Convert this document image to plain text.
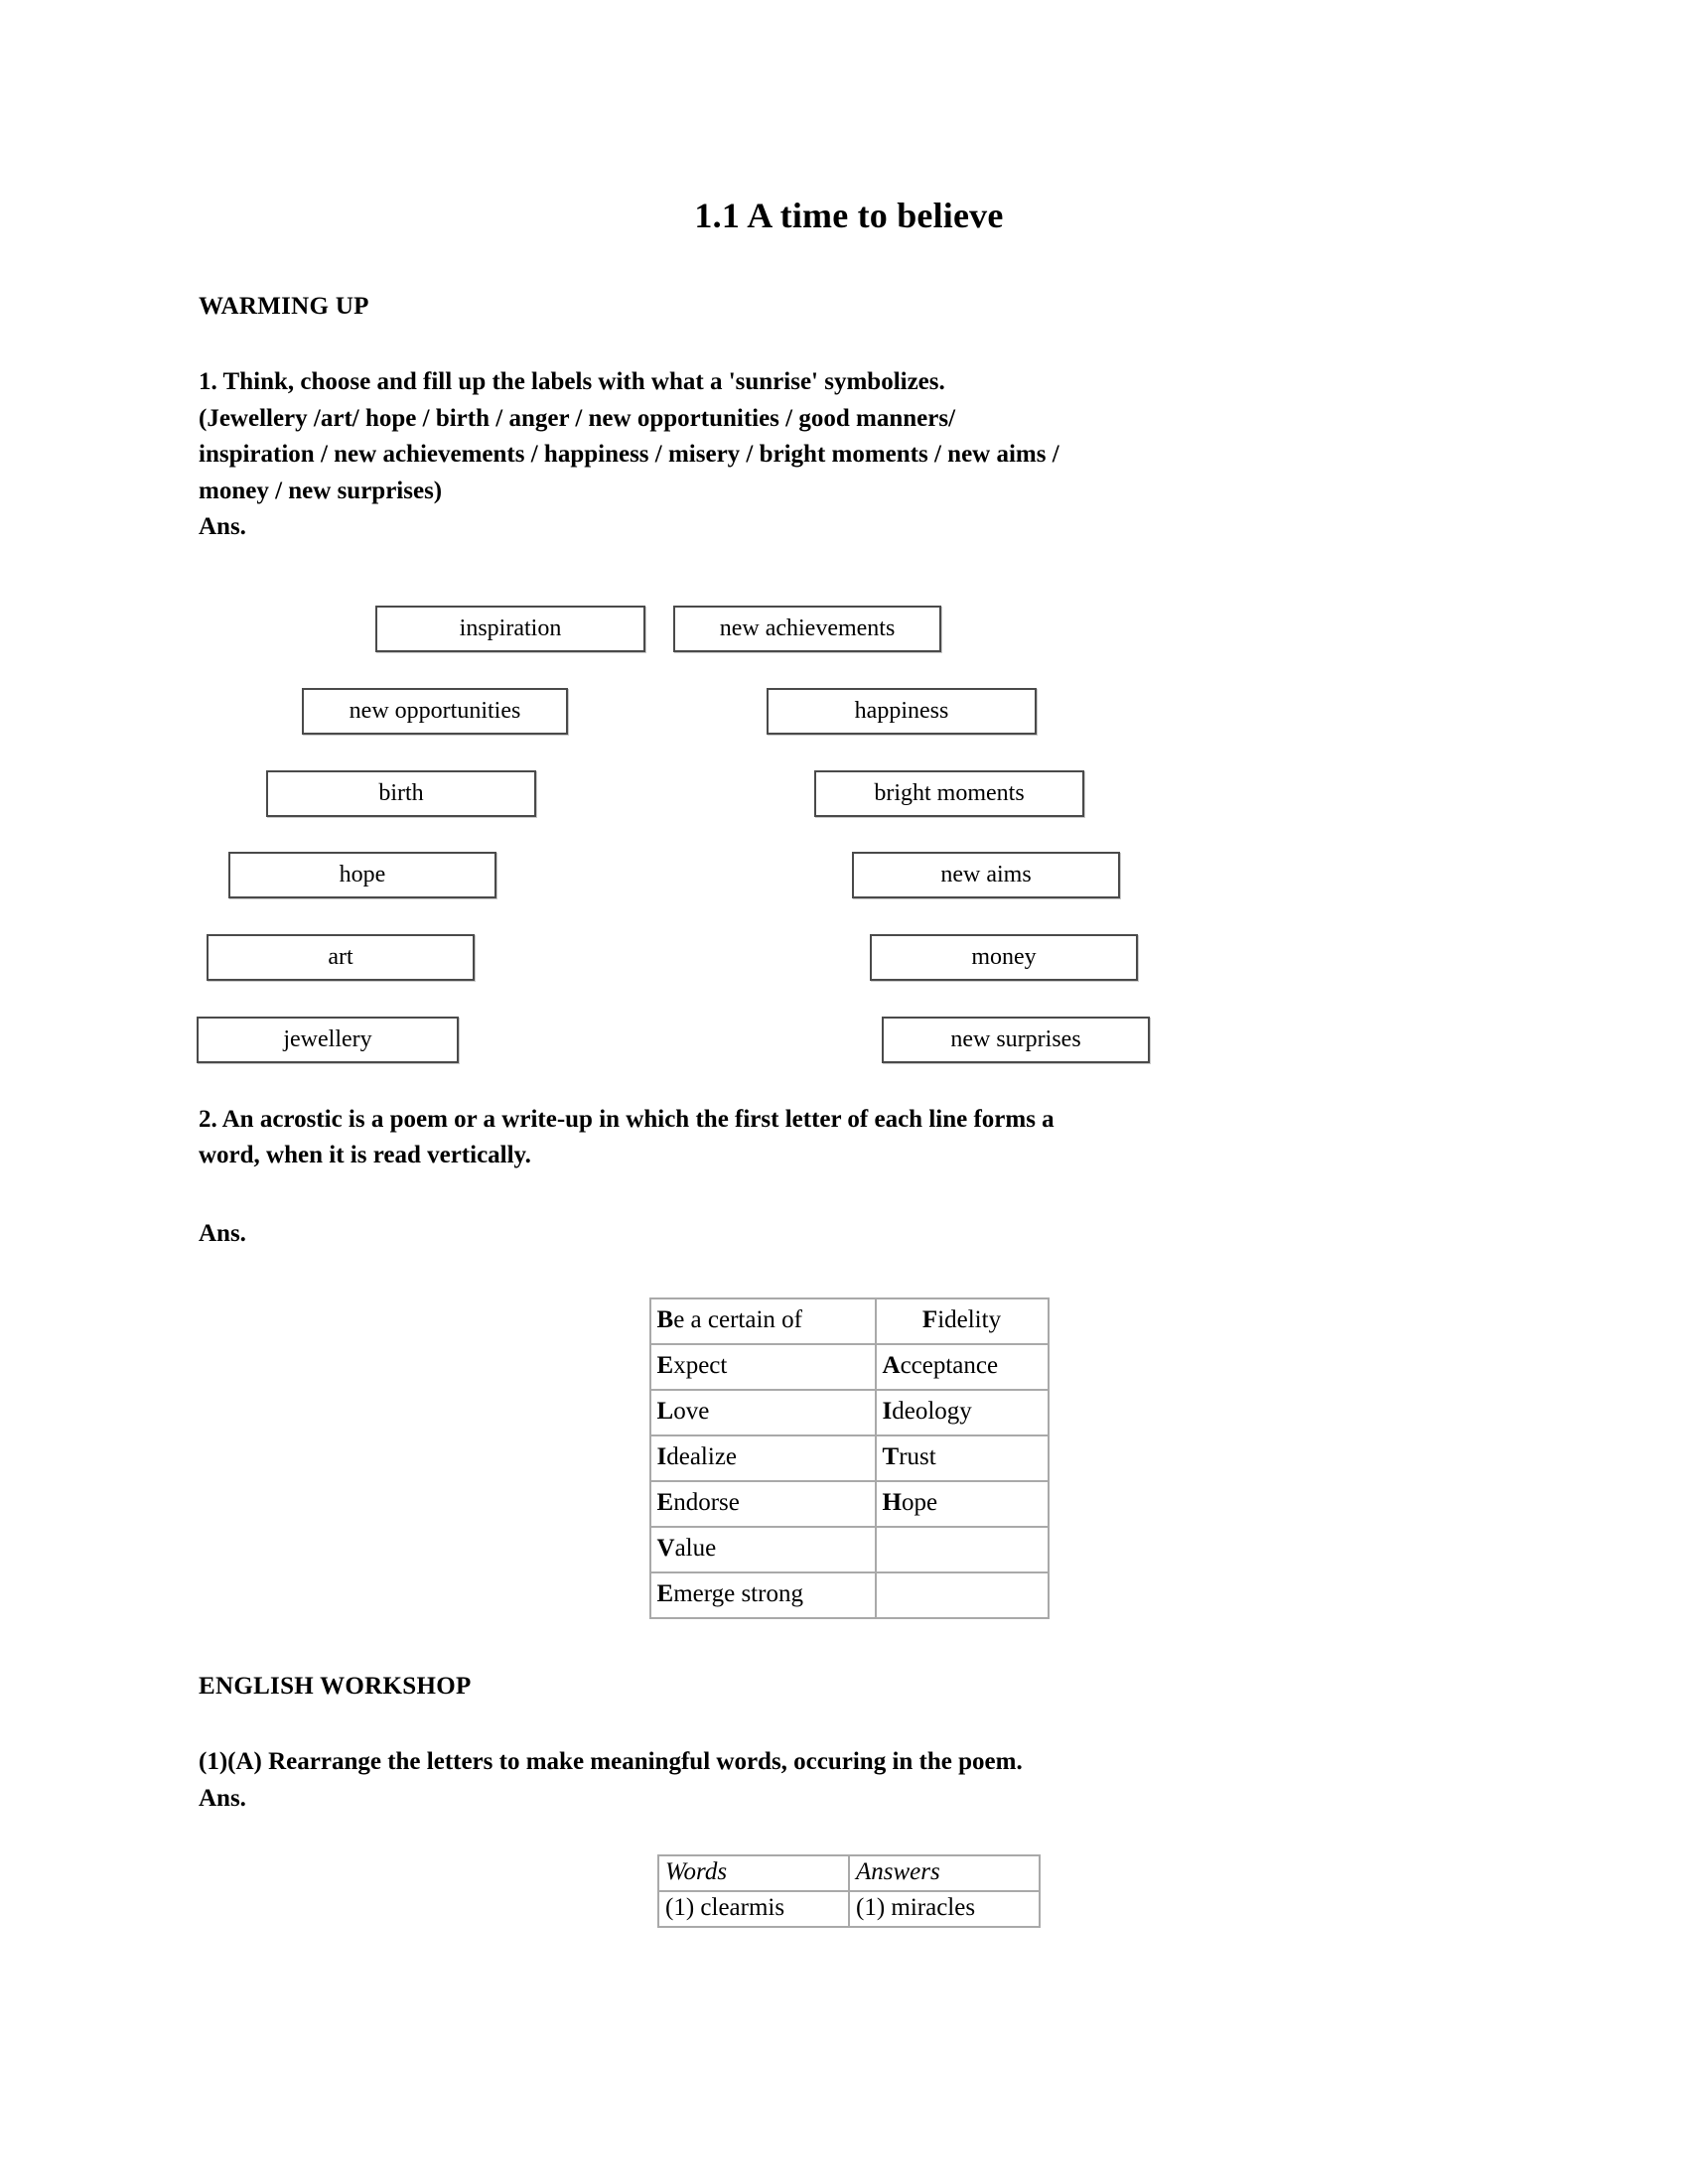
1.1 A time to believe
WARMING UP
1. Think, choose and fill up the labels with what a 'sunrise' symbolizes.
(Jewellery /art/ hope / birth / anger / new opportunities / good manners/
inspiration / new achievements / happiness / misery / bright moments / new aims /
money / new surprises)
Ans.
inspiration
new opportunities
birth
hope
art
jewellery
new achievements
happiness
bright moments
new aims
money
new surprises
2. An acrostic is a poem or a write-up in which the first letter of each line forms a
word, when it is read vertically.
Ans.
Be a certain of	Fidelity
Expect	Acceptance
Love	Ideology
Idealize	Trust
Endorse	Hope
Value	
Emerge strong	
ENGLISH WORKSHOP
(1)(A) Rearrange the letters to make meaningful words, occuring in the poem.
Ans.
Words	Answers
(1) clearmis	(1) miracles
